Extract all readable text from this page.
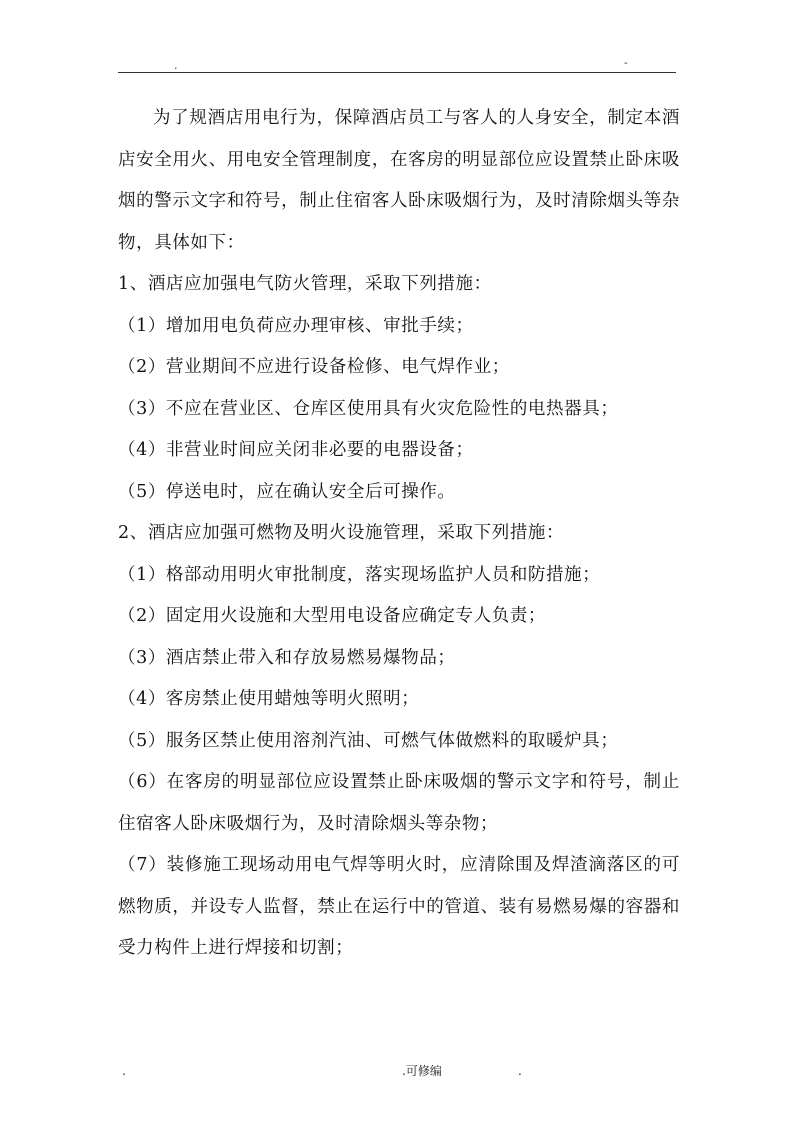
.	-

为了规酒店用电行为，保障酒店员工与客人的人身安全，制定本酒店安全用火、用电安全管理制度，在客房的明显部位应设置禁止卧床吸烟的警示文字和符号，制止住宿客人卧床吸烟行为，及时清除烟头等杂物，具体如下：

1、酒店应加强电气防火管理，采取下列措施：

（1）增加用电负荷应办理审核、审批手续；

（2）营业期间不应进行设备检修、电气焊作业；

（3）不应在营业区、仓库区使用具有火灾危险性的电热器具；

（4）非营业时间应关闭非必要的电器设备；

（5）停送电时，应在确认安全后可操作。

2、酒店应加强可燃物及明火设施管理，采取下列措施：

（1）格部动用明火审批制度，落实现场监护人员和防措施；

（2）固定用火设施和大型用电设备应确定专人负责；

（3）酒店禁止带入和存放易燃易爆物品；

（4）客房禁止使用蜡烛等明火照明；

（5）服务区禁止使用溶剂汽油、可燃气体做燃料的取暖炉具；

（6）在客房的明显部位应设置禁止卧床吸烟的警示文字和符号，制止住宿客人卧床吸烟行为，及时清除烟头等杂物；

（7）装修施工现场动用电气焊等明火时，应清除围及焊渣滴落区的可燃物质，并设专人监督，禁止在运行中的管道、装有易燃易爆的容器和受力构件上进行焊接和切割；

.	.可修编	.
